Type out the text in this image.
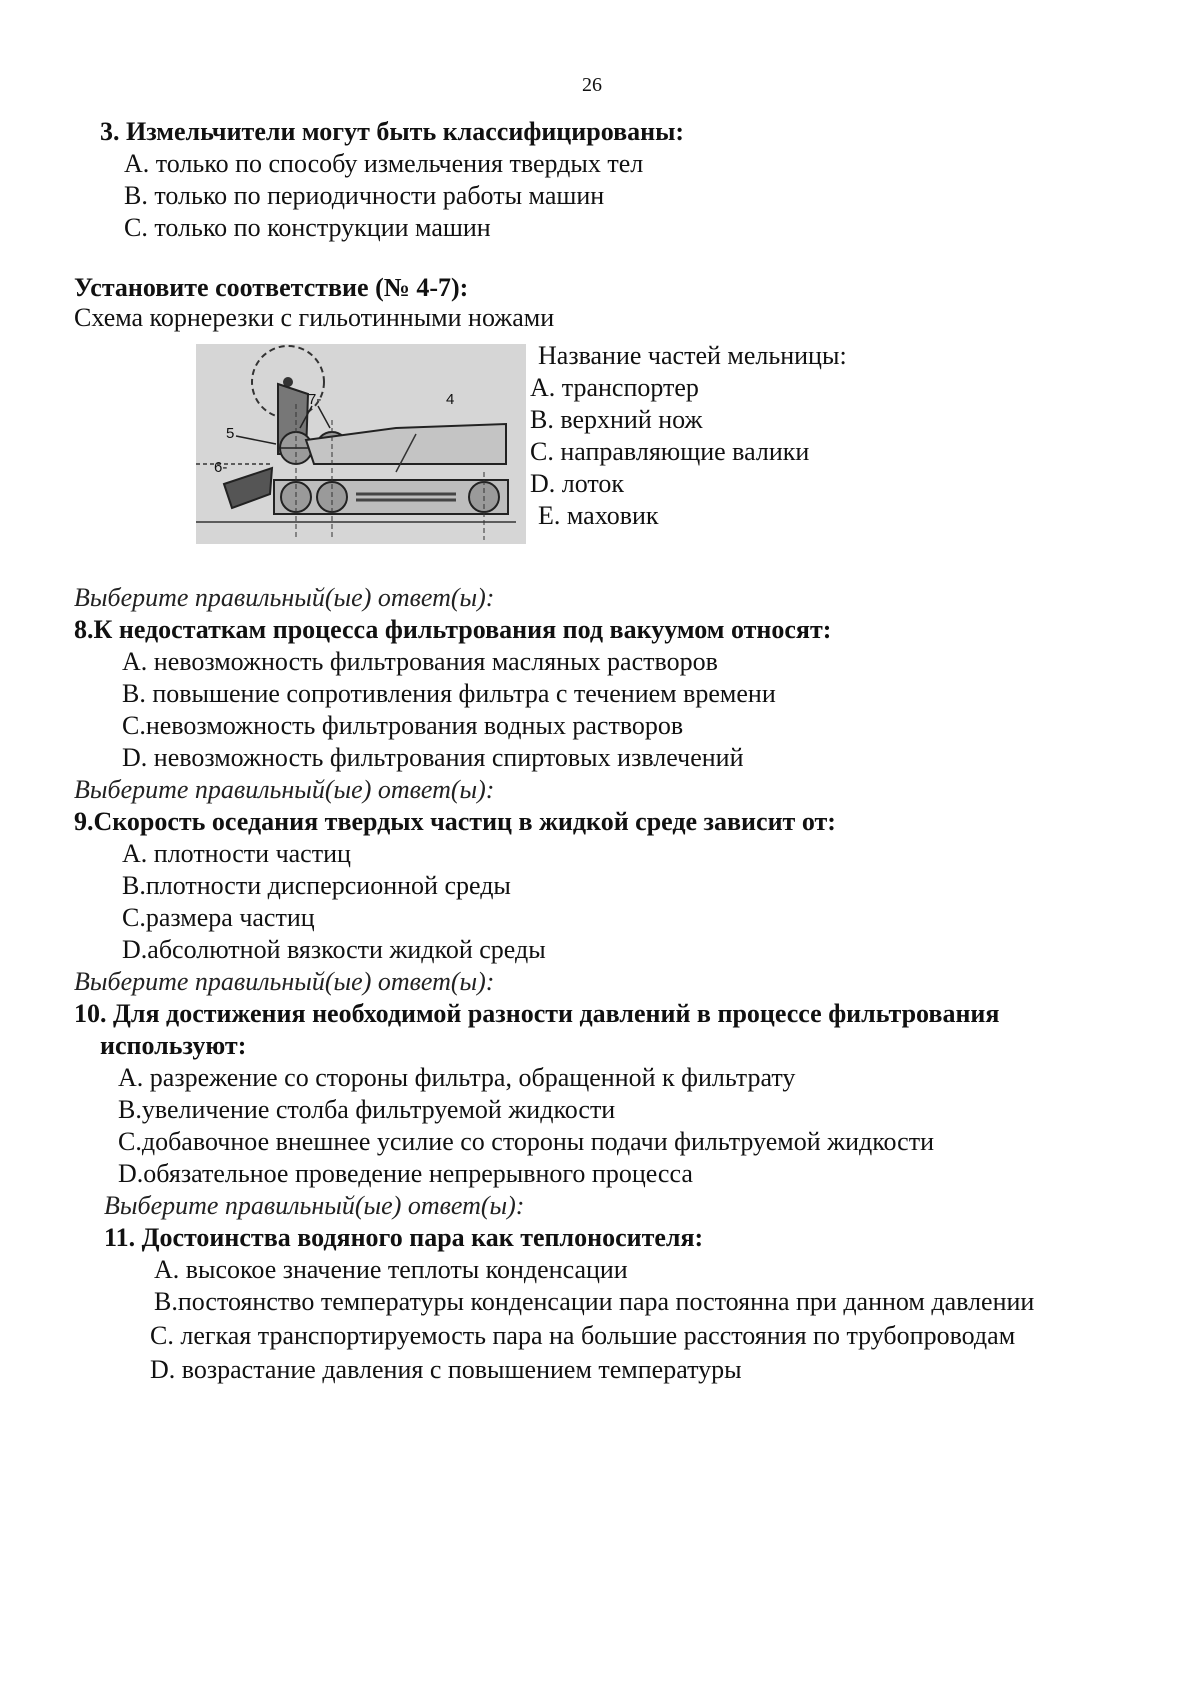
26
3. Измельчители могут быть классифицированы:
A. только по способу измельчения твердых тел
B. только по периодичности работы машин
C. только по конструкции машин
Установите соответствие (№ 4-7):
Схема корнерезки с гильотинными ножами
7-	4
5
6-
Название частей мельницы:
A. транспортер
B. верхний нож
C. направляющие валики
D. лоток
E. маховик
Выберите правильный(ые) ответ(ы):
8.К недостаткам процесса фильтрования под вакуумом относят:
A. невозможность фильтрования масляных растворов
B. повышение сопротивления фильтра с течением времени
C.невозможность фильтрования водных растворов
D. невозможность фильтрования спиртовых извлечений
Выберите правильный(ые) ответ(ы):
9.Скорость оседания твердых частиц в жидкой среде зависит от:
A. плотности частиц
B.плотности дисперсионной среды
C.размера частиц
D.абсолютной вязкости жидкой среды
Выберите правильный(ые) ответ(ы):
10. Для достижения необходимой разности давлений в процессе фильтрования
используют:
A. разрежение со стороны фильтра, обращенной к фильтрату
B.увеличение столба фильтруемой жидкости
C.добавочное внешнее усилие со стороны подачи фильтруемой жидкости
D.обязательное проведение непрерывного процесса
Выберите правильный(ые) ответ(ы):
11. Достоинства водяного пара как теплоносителя:
A. высокое значение теплоты конденсации
B.постоянство температуры конденсации пара постоянна при данном давлении
C. легкая транспортируемость пара на большие расстояния по трубопроводам
D. возрастание давления с повышением температуры
